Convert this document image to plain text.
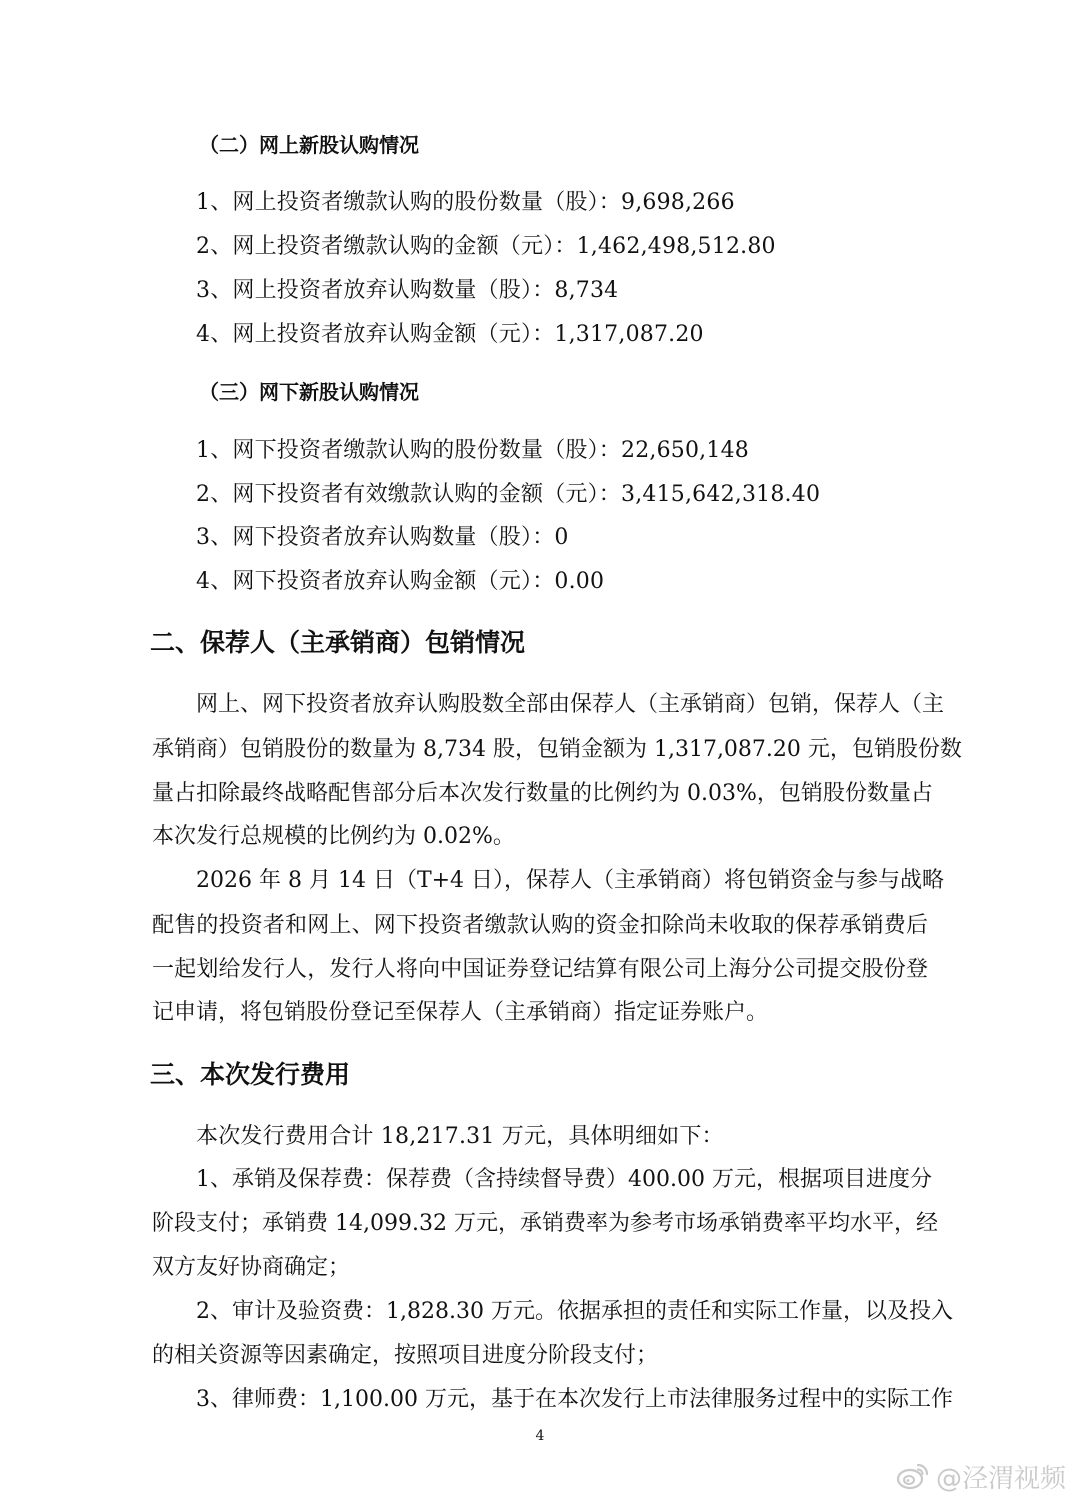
（二）网上新股认购情况
1、网上投资者缴款认购的股份数量（股）：9,698,266
2、网上投资者缴款认购的金额（元）：1,462,498,512.80
3、网上投资者放弃认购数量（股）：8,734
4、网上投资者放弃认购金额（元）：1,317,087.20
（三）网下新股认购情况
1、网下投资者缴款认购的股份数量（股）：22,650,148
2、网下投资者有效缴款认购的金额（元）：3,415,642,318.40
3、网下投资者放弃认购数量（股）：0
4、网下投资者放弃认购金额（元）：0.00
二、保荐人（主承销商）包销情况
网上、网下投资者放弃认购股数全部由保荐人（主承销商）包销，保荐人（主
承销商）包销股份的数量为 8,734 股，包销金额为 1,317,087.20 元，包销股份数
量占扣除最终战略配售部分后本次发行数量的比例约为 0.03%，包销股份数量占
本次发行总规模的比例约为 0.02%。
2026 年 8 月 14 日（T+4 日），保荐人（主承销商）将包销资金与参与战略
配售的投资者和网上、网下投资者缴款认购的资金扣除尚未收取的保荐承销费后
一起划给发行人，发行人将向中国证券登记结算有限公司上海分公司提交股份登
记申请，将包销股份登记至保荐人（主承销商）指定证券账户。
三、本次发行费用
本次发行费用合计 18,217.31 万元，具体明细如下：
1、承销及保荐费：保荐费（含持续督导费）400.00 万元，根据项目进度分
阶段支付；承销费 14,099.32 万元，承销费率为参考市场承销费率平均水平，经
双方友好协商确定；
2、审计及验资费：1,828.30 万元。依据承担的责任和实际工作量，以及投入
的相关资源等因素确定，按照项目进度分阶段支付；
3、律师费：1,100.00 万元，基于在本次发行上市法律服务过程中的实际工作
4
@泾渭视频
